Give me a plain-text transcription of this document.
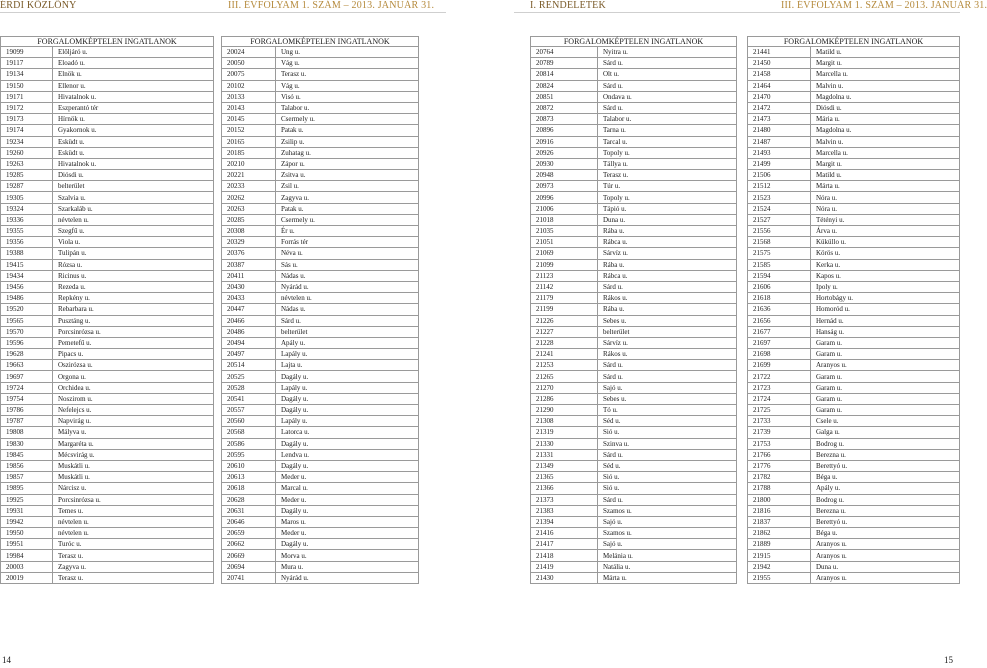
ÉRDI KÖZLÖNY	III. ÉVFOLYAM 1. SZÁM – 2013. JANUÁR 31.	I. RENDELETEK	III. ÉVFOLYAM 1. SZÁM – 2013. JANUÁR 31.
FORGALOMKÉPTELEN INGATLANOK	
19099	Előljáró u.
19117	Eloadó u.
19134	Elnök u.
19150	Ellenor u.
19171	Hivatalnok u.
19172	Eszperantó tér
19173	Hírnök u.
19174	Gyakornok u.
19234	Esküdt u.
19260	Esküdt u.
19263	Hivatalnok u.
19285	Diósdi u.
19287	belterület
19305	Szalvia u.
19324	Szarkaláb u.
19336	névtelen u.
19355	Szegfű u.
19356	Viola u.
19388	Tulipán u.
19415	Rózsa u.
19434	Ricinus u.
19456	Rezeda u.
19486	Repkény u.
19520	Rebarbara u.
19565	Pusztáng u.
19570	Porcsinrózsa u.
19596	Pemetefű u.
19628	Pipacs u.
19663	Oszirózsa u.
19697	Orgona u.
19724	Orchidea u.
19754	Noszirom u.
19786	Nefelejcs u.
19787	Napvirág u.
19808	Mályva u.
19830	Margaréta u.
19845	Mécsvirág u.
19856	Muskátli u.
19857	Muskátli u.
19895	Nárcisz u.
19925	Porcsinrózsa u.
19931	Temes u.
19942	névtelen u.
19950	névtelen u.
19951	Turóc u.
19984	Terasz u.
20003	Zagyva u.
20019	Terasz u.
FORGALOMKÉPTELEN INGATLANOK	
20024	Ung u.
20050	Vág u.
20075	Terasz u.
20102	Vág u.
20133	Visó u.
20143	Talabor u.
20145	Csermely u.
20152	Patak u.
20165	Zsilip u.
20185	Zuhatag u.
20210	Zápor u.
20221	Zsitva u.
20233	Zsil u.
20262	Zagyva u.
20263	Patak u.
20285	Csermely u.
20308	Ér u.
20329	Forrás tér
20376	Néva u.
20387	Sás u.
20411	Nádas u.
20430	Nyárád u.
20433	névtelen u.
20447	Nádas u.
20466	Sárd u.
20486	belterület
20494	Apály u.
20497	Lapály u.
20514	Lajta u.
20525	Dagály u.
20528	Lapály u.
20541	Dagály u.
20557	Dagály u.
20560	Lapály u.
20568	Latorca u.
20586	Dagály u.
20595	Lendva u.
20610	Dagály u.
20613	Meder u.
20618	Marcal u.
20628	Meder u.
20631	Dagály u.
20646	Maros u.
20659	Meder u.
20662	Dagály u.
20669	Morva u.
20694	Mura u.
20741	Nyárád u.
FORGALOMKÉPTELEN INGATLANOK	
20764	Nyitra u.
20789	Sárd u.
20814	Olt u.
20824	Sárd u.
20851	Ondava u.
20872	Sárd u.
20873	Talabor u.
20896	Tarna u.
20916	Tarcal u.
20926	Topoly u.
20930	Tállya u.
20948	Terasz u.
20973	Túr u.
20996	Topoly u.
21006	Tápió u.
21018	Duna u.
21035	Rába u.
21051	Rábca u.
21069	Sárvíz u.
21099	Rába u.
21123	Rábca u.
21142	Sárd u.
21179	Rákos u.
21199	Rába u.
21226	Sebes u.
21227	belterület
21228	Sárvíz u.
21241	Rákos u.
21253	Sárd u.
21265	Sárd u.
21270	Sajó u.
21286	Sebes u.
21290	Tó u.
21308	Séd u.
21319	Sió u.
21330	Szinva u.
21331	Sárd u.
21349	Séd u.
21365	Sió u.
21366	Sió u.
21373	Sárd u.
21383	Szamos u.
21394	Sajó u.
21416	Szamos u.
21417	Sajó u.
21418	Melánia u.
21419	Natália u.
21430	Márta u.
FORGALOMKÉPTELEN INGATLANOK	
21441	Matild u.
21450	Margit u.
21458	Marcella u.
21464	Malvin u.
21470	Magdolna u.
21472	Diósdi u.
21473	Mária u.
21480	Magdolna u.
21487	Malvin u.
21493	Marcella u.
21499	Margit u.
21506	Matild u.
21512	Márta u.
21523	Nóra u.
21524	Nóra u.
21527	Tétényi u.
21556	Árva u.
21568	Küküllo u.
21575	Körös u.
21585	Kerka u.
21594	Kapos u.
21606	Ipoly u.
21618	Hortobágy u.
21636	Homoród u.
21656	Hernád u.
21677	Hanság u.
21697	Garam u.
21698	Garam u.
21699	Aranyos u.
21722	Garam u.
21723	Garam u.
21724	Garam u.
21725	Garam u.
21733	Csele u.
21739	Galga u.
21753	Bodrog u.
21766	Berezna u.
21776	Berettyó u.
21782	Béga u.
21788	Apály u.
21800	Bodrog u.
21816	Berezna u.
21837	Berettyó u.
21862	Béga u.
21889	Aranyos u.
21915	Aranyos u.
21942	Duna u.
21955	Aranyos u.
14	15
